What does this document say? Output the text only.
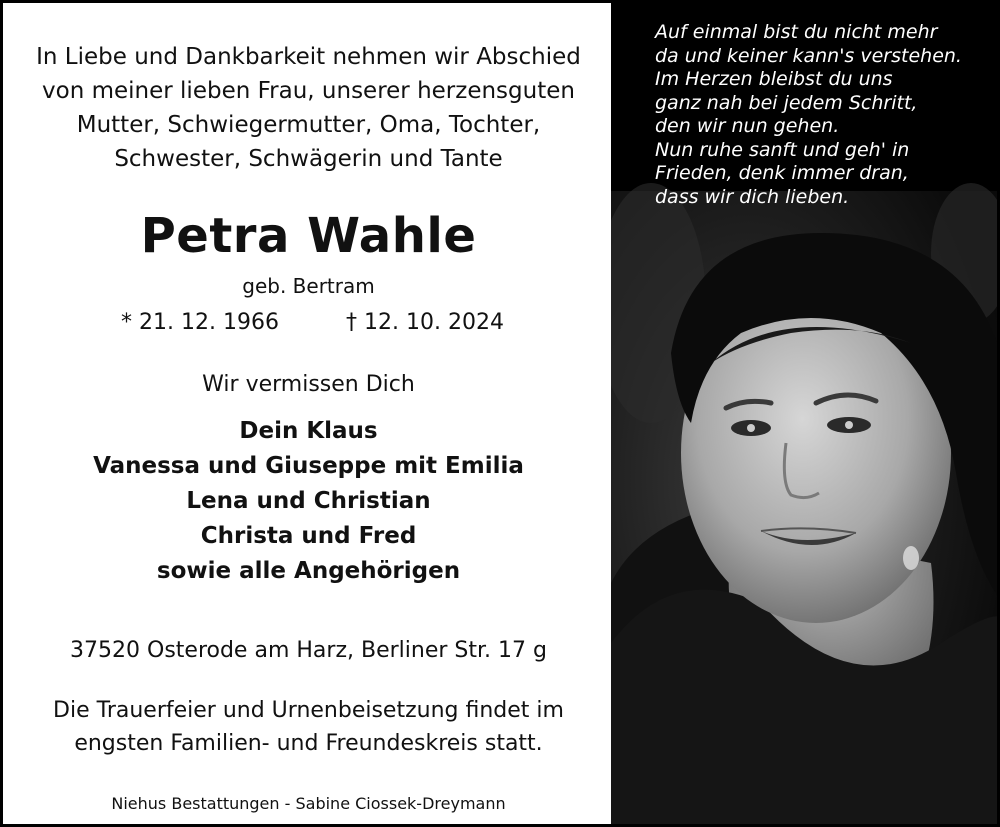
In Liebe und Dankbarkeit nehmen wir Abschied
von meiner lieben Frau, unserer herzensguten
Mutter, Schwiegermutter, Oma, Tochter,
Schwester, Schwägerin und Tante
Petra Wahle
geb. Bertram
* 21. 12. 1966	† 12. 10. 2024
Wir vermissen Dich
Dein Klaus
Vanessa und Giuseppe mit Emilia
Lena und Christian
Christa und Fred
sowie alle Angehörigen
37520 Osterode am Harz, Berliner Str. 17 g
Die Trauerfeier und Urnenbeisetzung findet im
engsten Familien- und Freundeskreis statt.
Niehus Bestattungen - Sabine Ciossek-Dreymann
Auf einmal bist du nicht mehr
da und keiner kann's verstehen.
Im Herzen bleibst du uns
ganz nah bei jedem Schritt,
den wir nun gehen.
Nun ruhe sanft und geh' in
Frieden, denk immer dran,
dass wir dich lieben.
